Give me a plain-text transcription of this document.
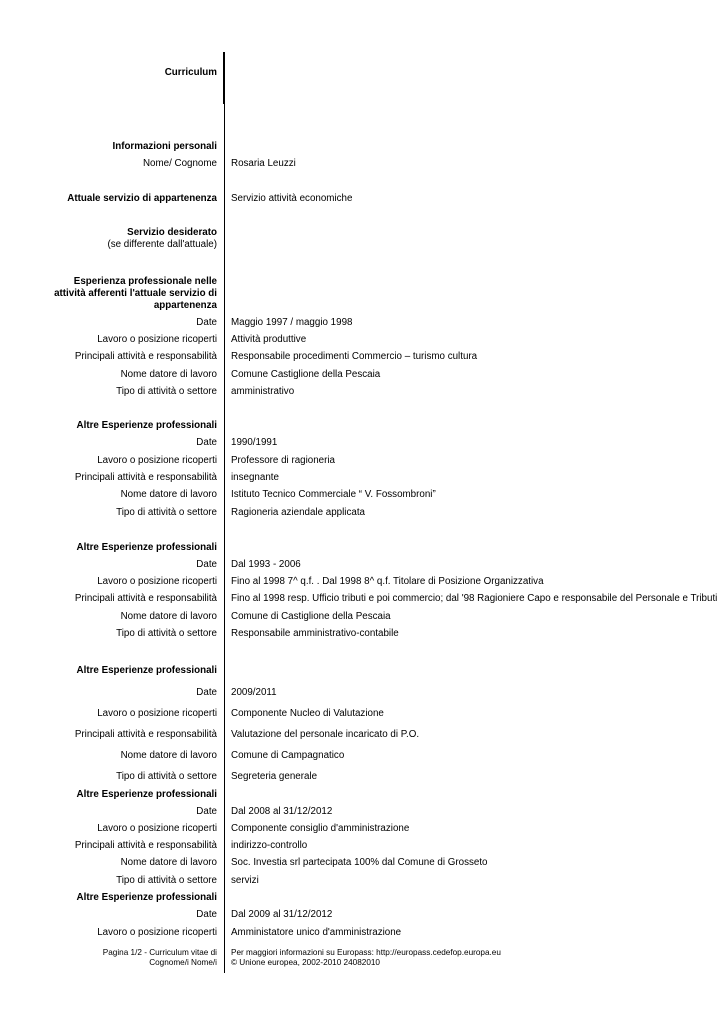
Curriculum
Informazioni personali
Nome/ Cognome Rosaria Leuzzi
Attuale servizio di appartenenza Servizio attività economiche
Servizio desiderato
(se differente dall'attuale)
Esperienza professionale nelle attività afferenti l'attuale servizio di appartenenza
Date Maggio 1997 / maggio 1998
Lavoro o posizione ricoperti Attività produttive
Principali attività e responsabilità Responsabile procedimenti Commercio – turismo cultura
Nome datore di lavoro Comune Castiglione della Pescaia
Tipo di attività o settore amministrativo
Altre Esperienze professionali
Date 1990/1991
Lavoro o posizione ricoperti Professore di ragioneria
Principali attività e responsabilità insegnante
Nome datore di lavoro Istituto Tecnico Commerciale “ V. Fossombroni”
Tipo di attività o settore Ragioneria aziendale applicata
Altre Esperienze professionali
Date Dal 1993 - 2006
Lavoro o posizione ricoperti Fino al 1998 7^ q.f. . Dal 1998 8^ q.f. Titolare di Posizione Organizzativa
Principali attività e responsabilità Fino al 1998 resp. Ufficio tributi e poi commercio; dal '98 Ragioniere Capo e responsabile del Personale e Tributi
Nome datore di lavoro Comune di Castiglione della Pescaia
Tipo di attività o settore Responsabile amministrativo-contabile
Altre Esperienze professionali
Date 2009/2011
Lavoro o posizione ricoperti Componente Nucleo di Valutazione
Principali attività e responsabilità Valutazione del personale incaricato di P.O.
Nome datore di lavoro Comune di Campagnatico
Tipo di attività o settore Segreteria generale
Altre Esperienze professionali
Date Dal 2008 al 31/12/2012
Lavoro o posizione ricoperti Componente consiglio d'amministrazione
Principali attività e responsabilità indirizzo-controllo
Nome datore di lavoro Soc. Investia srl partecipata 100% dal Comune di Grosseto
Tipo di attività o settore servizi
Altre Esperienze professionali
Date Dal 2009 al 31/12/2012
Lavoro o posizione ricoperti Amministatore unico d'amministrazione
Pagina 1/2 - Curriculum vitae di
Cognome/i Nome/i
Per maggiori informazioni su Europass: http://europass.cedefop.europa.eu
© Unione europea, 2002-2010 24082010
